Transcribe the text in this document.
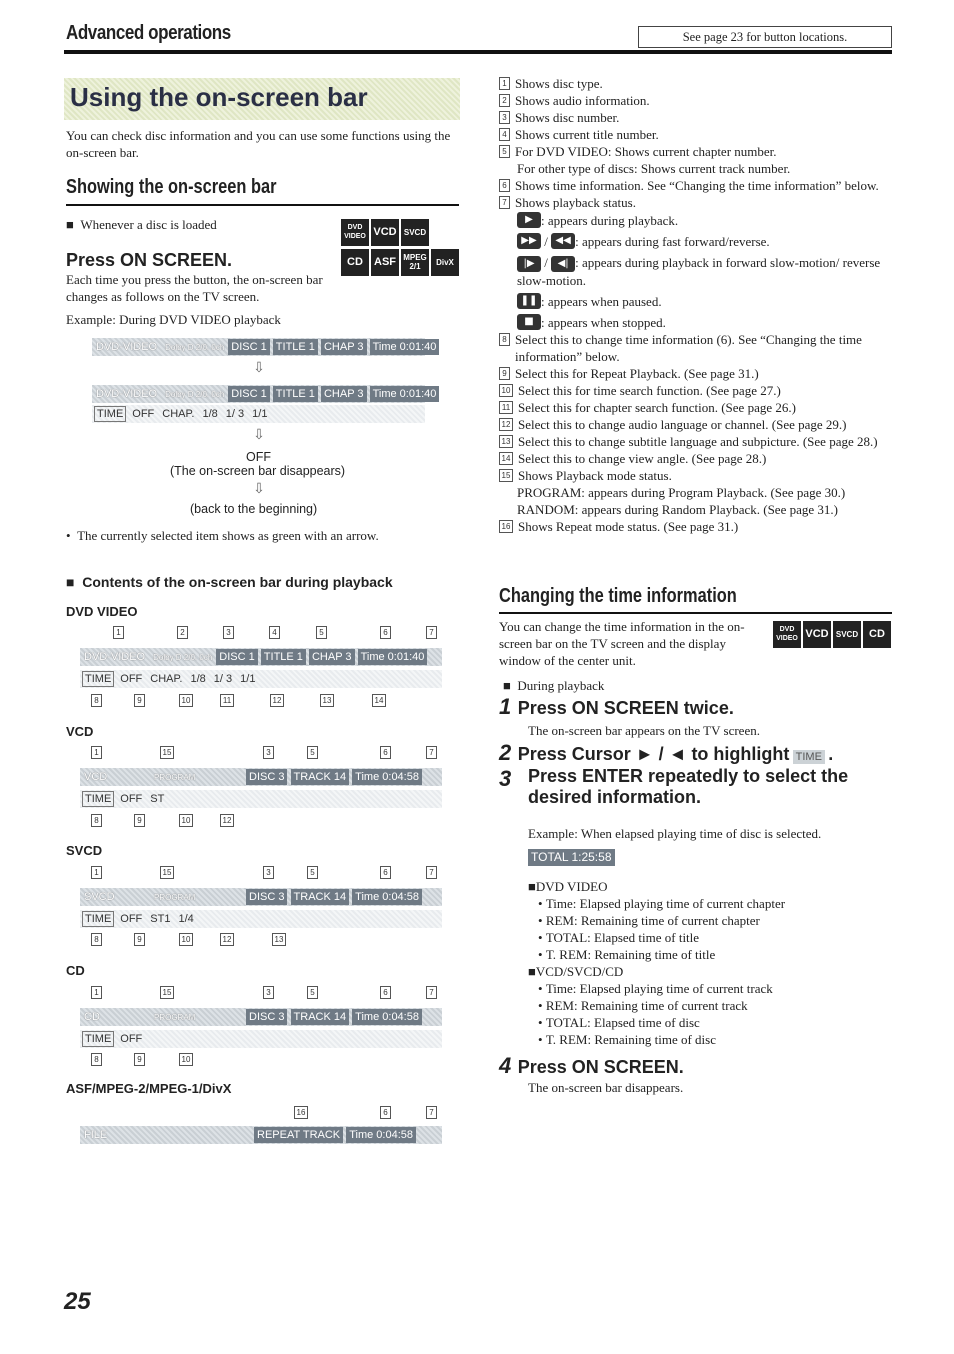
Advanced operations	See page 23 for button locations.
Using the on-screen bar
You can check disc information and you can use some functions using the on-screen bar.
Showing the on-screen bar
■  Whenever a disc is loaded	DVD
VIDEO VCD SVCD
CD ASF MPEG
2/1 DivX
Press ON SCREEN.
Each time you press the button, the on-screen bar changes as follows on the TV screen.
Example: During DVD VIDEO playback
DVD-VIDEO Dolby D 2/0. 0ch DISC 1 TITLE 1 CHAP 3 Time 0:01:40
⇩
DVD-VIDEO Dolby D 2/0. 0ch DISC 1 TITLE 1 CHAP 3 Time 0:01:40
TIME OFF CHAP. 1/8 1/ 3 1/1
⇩
OFF
(The on-screen bar disappears)
⇩
(back to the beginning)
•  The currently selected item shows as green with an arrow.
■  Contents of the on-screen bar during playback
DVD VIDEO
1	2	3	4	5	6	7
DVD-VIDEO Dolby D 2/0. 0ch DISC 1 TITLE 1 CHAP 3 Time 0:01:40
TIME OFF CHAP. 1/8 1/ 3 1/1
8	9	10	11	12	13	14
VCD
1	15	3	5	6	7
VCD	PROGRAM	DISC 3 TRACK 14 Time 0:04:58
TIME OFF ST
8	9	10	12
SVCD
1	15	3	5	6	7
SVCD	PROGRAM	DISC 3 TRACK 14 Time 0:04:58
TIME OFF ST1 1/4
8	9	10	12	13
CD
1	15	3	5	6	7
CD	PROGRAM	DISC 3 TRACK 14 Time 0:04:58
TIME OFF
8	9	10
ASF/MPEG-2/MPEG-1/DivX
16	6	7
FILE	REPEAT TRACK Time 0:04:58
1 Shows disc type.
2 Shows audio information.
3 Shows disc number.
4 Shows current title number.
5 For DVD VIDEO: Shows current chapter number.
For other type of discs: Shows current track number.
6 Shows time information. See “Changing the time information” below.
7 Shows playback status.
▶ : appears during playback.
▶▶ / ◀◀ : appears during fast forward/reverse.
|▶ / ◀| : appears during playback in forward slow-motion/ reverse slow-motion.
❚❚ : appears when paused.
■ : appears when stopped.
8 Select this to change time information (6). See “Changing the time information” below.
9 Select this for Repeat Playback. (See page 31.)
10 Select this for time search function. (See page 27.)
11 Select this for chapter search function. (See page 26.)
12 Select this to change audio language or channel. (See page 29.)
13 Select this to change subtitle language and subpicture. (See page 28.)
14 Select this to change view angle. (See page 28.)
15 Shows Playback mode status.
PROGRAM: appears during Program Playback. (See page 30.)
RANDOM: appears during Random Playback. (See page 31.)
16 Shows Repeat mode status. (See page 31.)
Changing the time information
You can change the time information in the on-screen bar on the TV screen and the display window of the center unit.
DVD
VIDEO VCD SVCD CD
■  During playback
1 Press ON SCREEN twice.
The on-screen bar appears on the TV screen.
2 Press Cursor ► / ◄ to highlight TIME .
3 Press ENTER repeatedly to select the desired information.
Example: When elapsed playing time of disc is selected.
TOTAL 1:25:58
■DVD VIDEO
• Time: Elapsed playing time of current chapter
• REM: Remaining time of current chapter
• TOTAL: Elapsed time of title
• T. REM: Remaining time of title
■VCD/SVCD/CD
• Time: Elapsed playing time of current track
• REM: Remaining time of current track
• TOTAL: Elapsed time of disc
• T. REM: Remaining time of disc
4 Press ON SCREEN.
The on-screen bar disappears.
25
